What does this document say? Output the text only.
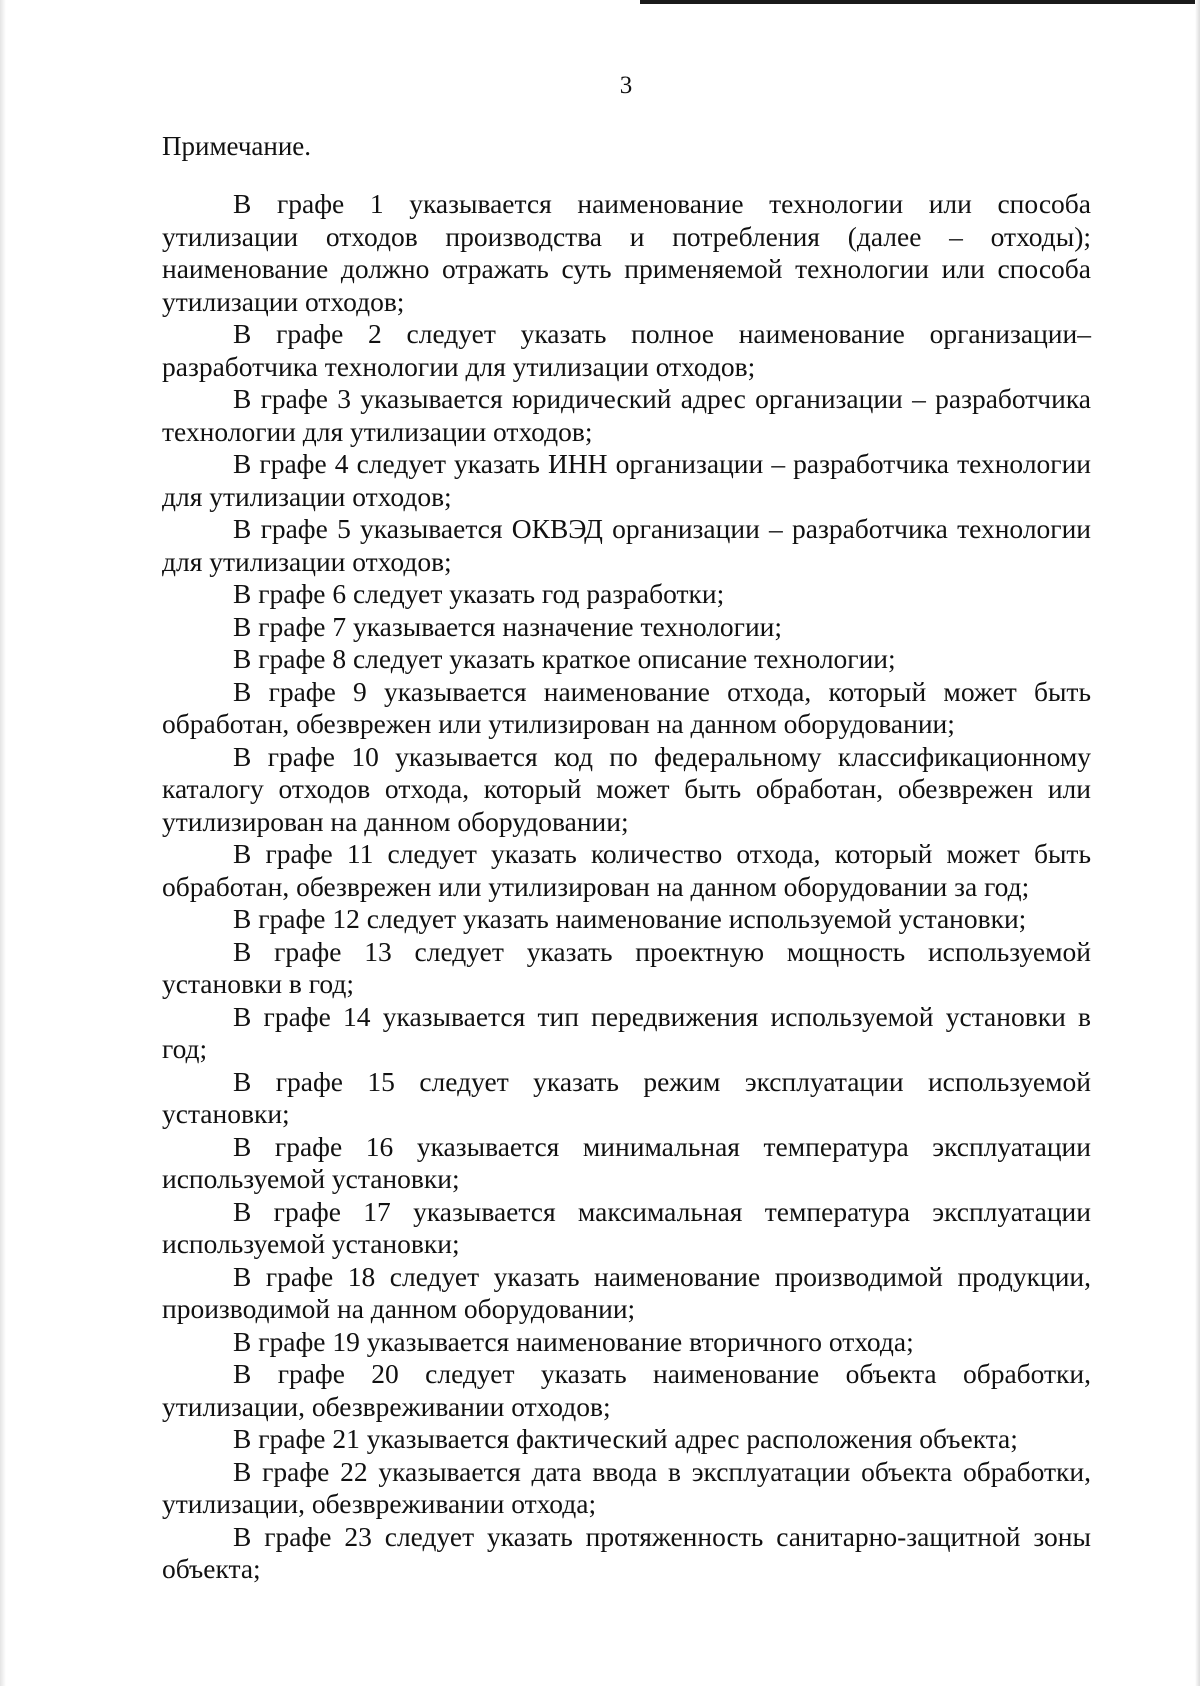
3
Примечание.

В графе 1 указывается наименование технологии или способа утилизации отходов производства и потребления (далее – отходы); наименование должно отражать суть применяемой технологии или способа утилизации отходов;

В графе 2 следует указать полное наименование организации–разработчика технологии для утилизации отходов;

В графе 3 указывается юридический адрес организации – разработчика технологии для утилизации отходов;

В графе 4 следует указать ИНН организации – разработчика технологии для утилизации отходов;

В графе 5 указывается ОКВЭД организации – разработчика технологии для утилизации отходов;

В графе 6 следует указать год разработки;

В графе 7 указывается назначение технологии;

В графе 8 следует указать краткое описание технологии;

В графе 9 указывается наименование отхода, который может быть обработан, обезврежен или утилизирован на данном оборудовании;

В графе 10 указывается код по федеральному классификационному каталогу отходов отхода, который может быть обработан, обезврежен или утилизирован на данном оборудовании;

В графе 11 следует указать количество отхода, который может быть обработан, обезврежен или утилизирован на данном оборудовании за год;

В графе 12 следует указать наименование используемой установки;

В графе 13 следует указать проектную мощность используемой установки в год;

В графе 14 указывается тип передвижения используемой установки в год;

В графе 15 следует указать режим эксплуатации используемой установки;

В графе 16 указывается минимальная температура эксплуатации используемой установки;

В графе 17 указывается максимальная температура эксплуатации используемой установки;

В графе 18 следует указать наименование производимой продукции, производимой на данном оборудовании;

В графе 19 указывается наименование вторичного отхода;

В графе 20 следует указать наименование объекта обработки, утилизации, обезвреживании отходов;

В графе 21 указывается фактический адрес расположения объекта;

В графе 22 указывается дата ввода в эксплуатации объекта обработки, утилизации, обезвреживании отхода;

В графе 23 следует указать протяженность санитарно-защитной зоны объекта;
